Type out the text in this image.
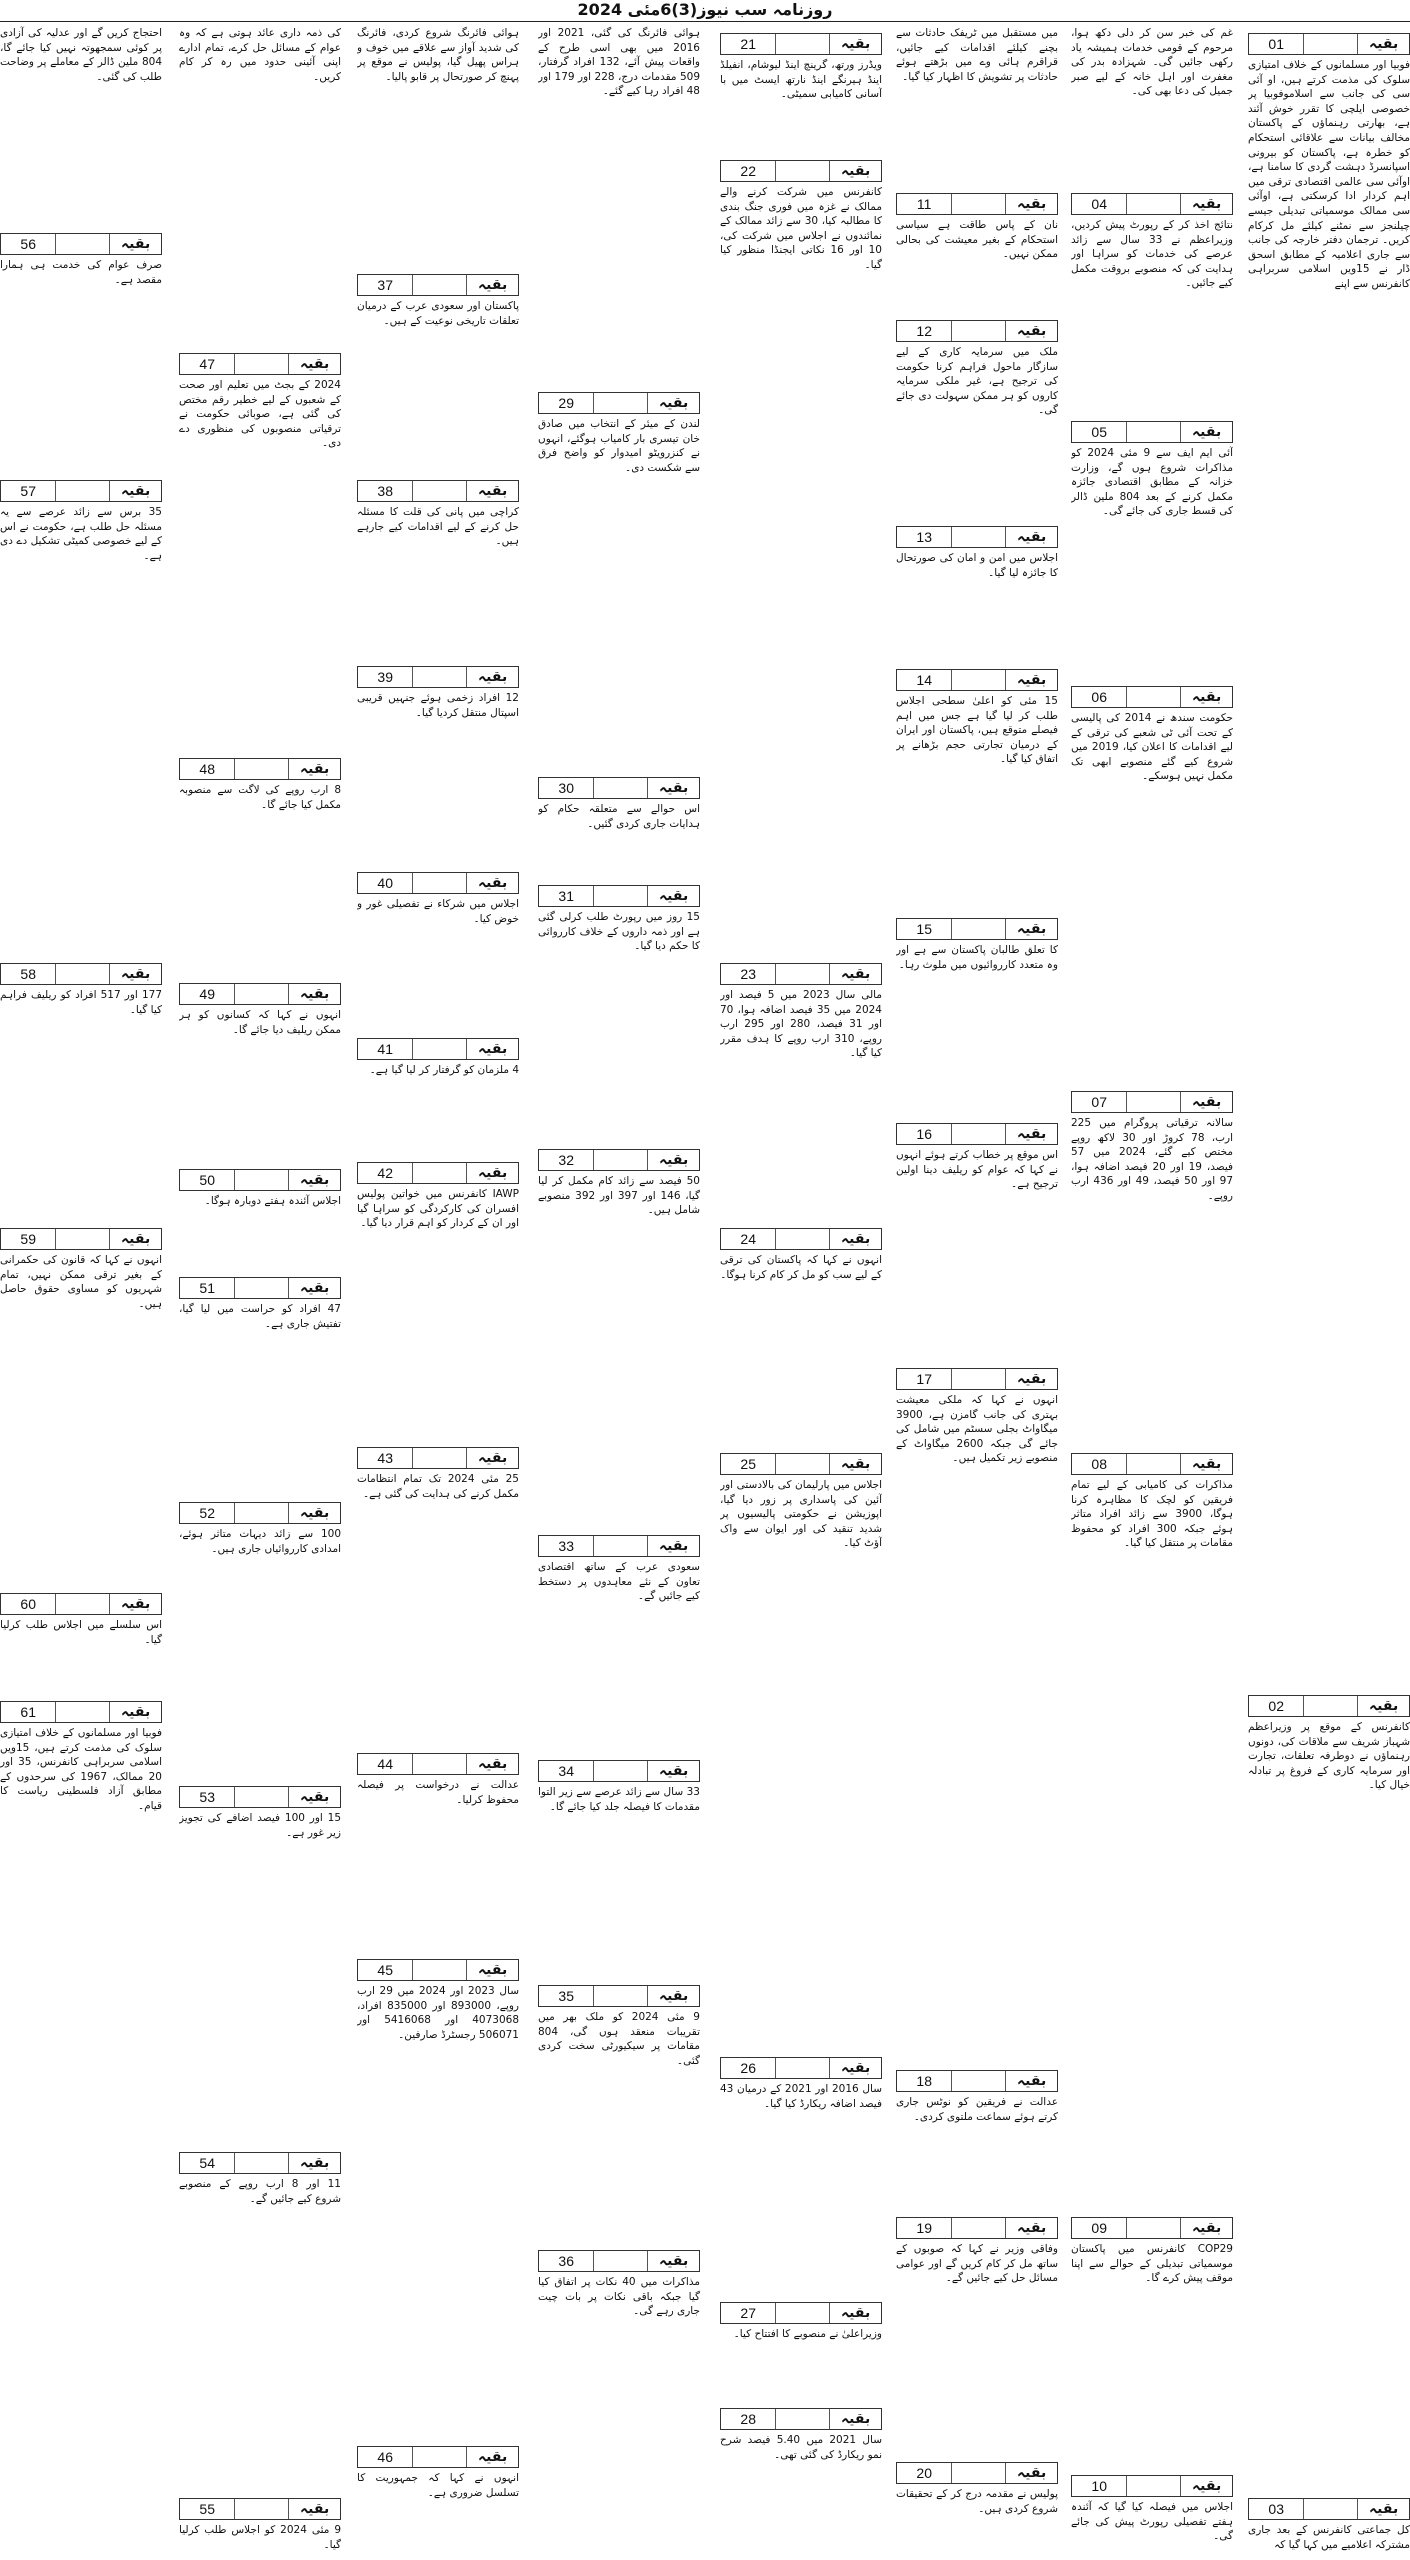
روزنامہ سب نیوز(3)6مئی 2024
01	بقیہ
فوبیا اور مسلمانوں کے خلاف امتیازی سلوک کی مذمت کرتے ہیں، او آئی سی کی جانب سے اسلاموفوبیا پر خصوصی ایلچی کا تقرر خوش آئند ہے، بھارتی رہنماؤں کے پاکستان مخالف بیانات سے علاقائی استحکام کو خطرہ ہے، پاکستان کو بیرونی اسپانسرڈ دہشت گردی کا سامنا ہے، اوآئی سی عالمی اقتصادی ترقی میں اہم کردار ادا کرسکتی ہے، اوآئی سی ممالک موسمیاتی تبدیلی جیسے چیلنجز سے نمٹنے کیلئے مل کرکام کریں۔ ترجمان دفتر خارجہ کی جانب سے جاری اعلامیہ کے مطابق اسحق ڈار نے 15ویں اسلامی سربراہی کانفرنس سے اپنے
02	بقیہ
کانفرنس کے موقع پر وزیراعظم شہباز شریف سے ملاقات کی، دونوں رہنماؤں نے دوطرفہ تعلقات، تجارت اور سرمایہ کاری کے فروغ پر تبادلہ خیال کیا۔
03	بقیہ
کل جماعتی کانفرنس کے بعد جاری مشترکہ اعلامیے میں کہا گیا کہ
غم کی خبر سن کر دلی دکھ ہوا، مرحوم کے قومی خدمات ہمیشہ یاد رکھی جائیں گی۔ شہزادہ بدر کی مغفرت اور اہل خانہ کے لیے صبر جمیل کی دعا بھی کی۔
04	بقیہ
نتائج اخذ کر کے رپورٹ پیش کردیں، وزیراعظم نے 33 سال سے زائد عرصے کی خدمات کو سراہا اور ہدایت کی کہ منصوبے بروقت مکمل کیے جائیں۔
05	بقیہ
آئی ایم ایف سے 9 مئی 2024 کو مذاکرات شروع ہوں گے، وزارت خزانہ کے مطابق اقتصادی جائزہ مکمل کرنے کے بعد 804 ملین ڈالر کی قسط جاری کی جائے گی۔
06	بقیہ
حکومت سندھ نے 2014 کی پالیسی کے تحت آئی ٹی شعبے کی ترقی کے لیے اقدامات کا اعلان کیا، 2019 میں شروع کیے گئے منصوبے ابھی تک مکمل نہیں ہوسکے۔
07	بقیہ
سالانہ ترقیاتی پروگرام میں 225 ارب، 78 کروڑ اور 30 لاکھ روپے مختص کیے گئے، 2024 میں 57 فیصد، 19 اور 20 فیصد اضافہ ہوا، 97 اور 50 فیصد، 49 اور 436 ارب روپے۔
08	بقیہ
مذاکرات کی کامیابی کے لیے تمام فریقین کو لچک کا مظاہرہ کرنا ہوگا، 3900 سے زائد افراد متاثر ہوئے جبکہ 300 افراد کو محفوظ مقامات پر منتقل کیا گیا۔
09	بقیہ
COP29 کانفرنس میں پاکستان موسمیاتی تبدیلی کے حوالے سے اپنا موقف پیش کرے گا۔
10	بقیہ
اجلاس میں فیصلہ کیا گیا کہ آئندہ ہفتے تفصیلی رپورٹ پیش کی جائے گی۔
میں مستقبل میں ٹریفک حادثات سے بچنے کیلئے اقدامات کیے جائیں، قراقرم ہائی وے میں بڑھتے ہوئے حادثات پر تشویش کا اظہار کیا گیا۔
11	بقیہ
نان کے پاس طاقت ہے سیاسی استحکام کے بغیر معیشت کی بحالی ممکن نہیں۔
12	بقیہ
ملک میں سرمایہ کاری کے لیے سازگار ماحول فراہم کرنا حکومت کی ترجیح ہے، غیر ملکی سرمایہ کاروں کو ہر ممکن سہولت دی جائے گی۔
13	بقیہ
اجلاس میں امن و امان کی صورتحال کا جائزہ لیا گیا۔
14	بقیہ
15 مئی کو اعلیٰ سطحی اجلاس طلب کر لیا گیا ہے جس میں اہم فیصلے متوقع ہیں، پاکستان اور ایران کے درمیان تجارتی حجم بڑھانے پر اتفاق کیا گیا۔
15	بقیہ
کا تعلق طالبان پاکستان سے ہے اور وہ متعدد کارروائیوں میں ملوث رہا۔
16	بقیہ
اس موقع پر خطاب کرتے ہوئے انہوں نے کہا کہ عوام کو ریلیف دینا اولین ترجیح ہے۔
17	بقیہ
انہوں نے کہا کہ ملکی معیشت بہتری کی جانب گامزن ہے، 3900 میگاواٹ بجلی سسٹم میں شامل کی جائے گی جبکہ 2600 میگاواٹ کے منصوبے زیر تکمیل ہیں۔
18	بقیہ
عدالت نے فریقین کو نوٹس جاری کرتے ہوئے سماعت ملتوی کردی۔
19	بقیہ
وفاقی وزیر نے کہا کہ صوبوں کے ساتھ مل کر کام کریں گے اور عوامی مسائل حل کیے جائیں گے۔
20	بقیہ
پولیس نے مقدمہ درج کر کے تحقیقات شروع کردی ہیں۔
21	بقیہ
ویڈرز ورتھ، گرینچ اینڈ لیوشام، انفیلڈ اینڈ ہیرنگے اینڈ نارتھ ایسٹ میں با آسانی کامیابی سمیٹی۔
22	بقیہ
کانفرنس میں شرکت کرنے والے ممالک نے غزہ میں فوری جنگ بندی کا مطالبہ کیا، 30 سے زائد ممالک کے نمائندوں نے اجلاس میں شرکت کی، 10 اور 16 نکاتی ایجنڈا منظور کیا گیا۔
23	بقیہ
مالی سال 2023 میں 5 فیصد اور 2024 میں 35 فیصد اضافہ ہوا، 70 اور 31 فیصد، 280 اور 295 ارب روپے، 310 ارب روپے کا ہدف مقرر کیا گیا۔
24	بقیہ
انہوں نے کہا کہ پاکستان کی ترقی کے لیے سب کو مل کر کام کرنا ہوگا۔
25	بقیہ
اجلاس میں پارلیمان کی بالادستی اور آئین کی پاسداری پر زور دیا گیا، اپوزیشن نے حکومتی پالیسیوں پر شدید تنقید کی اور ایوان سے واک آؤٹ کیا۔
26	بقیہ
سال 2016 اور 2021 کے درمیان 43 فیصد اضافہ ریکارڈ کیا گیا۔
27	بقیہ
وزیراعلیٰ نے منصوبے کا افتتاح کیا۔
28	بقیہ
سال 2021 میں 5.40 فیصد شرح نمو ریکارڈ کی گئی تھی۔
ہوائی فائرنگ کی گئی، 2021 اور 2016 میں بھی اسی طرح کے واقعات پیش آئے، 132 افراد گرفتار، 509 مقدمات درج، 228 اور 179 اور 48 افراد رہا کیے گئے۔
29	بقیہ
لندن کے میئر کے انتخاب میں صادق خان تیسری بار کامیاب ہوگئے، انہوں نے کنزرویٹو امیدوار کو واضح فرق سے شکست دی۔
30	بقیہ
اس حوالے سے متعلقہ حکام کو ہدایات جاری کردی گئیں۔
31	بقیہ
15 روز میں رپورٹ طلب کرلی گئی ہے اور ذمہ داروں کے خلاف کارروائی کا حکم دیا گیا۔
32	بقیہ
50 فیصد سے زائد کام مکمل کر لیا گیا، 146 اور 397 اور 392 منصوبے شامل ہیں۔
33	بقیہ
سعودی عرب کے ساتھ اقتصادی تعاون کے نئے معاہدوں پر دستخط کیے جائیں گے۔
34	بقیہ
33 سال سے زائد عرصے سے زیر التوا مقدمات کا فیصلہ جلد کیا جائے گا۔
35	بقیہ
9 مئی 2024 کو ملک بھر میں تقریبات منعقد ہوں گی، 804 مقامات پر سیکیورٹی سخت کردی گئی۔
36	بقیہ
مذاکرات میں 40 نکات پر اتفاق کیا گیا جبکہ باقی نکات پر بات چیت جاری رہے گی۔
ہوائی فائرنگ شروع کردی، فائرنگ کی شدید آواز سے علاقے میں خوف و ہراس پھیل گیا، پولیس نے موقع پر پہنچ کر صورتحال پر قابو پالیا۔
37	بقیہ
پاکستان اور سعودی عرب کے درمیان تعلقات تاریخی نوعیت کے ہیں۔
38	بقیہ
کراچی میں پانی کی قلت کا مسئلہ حل کرنے کے لیے اقدامات کیے جارہے ہیں۔
39	بقیہ
12 افراد زخمی ہوئے جنہیں قریبی اسپتال منتقل کردیا گیا۔
40	بقیہ
اجلاس میں شرکاء نے تفصیلی غور و خوض کیا۔
41	بقیہ
4 ملزمان کو گرفتار کر لیا گیا ہے۔
42	بقیہ
IAWP کانفرنس میں خواتین پولیس افسران کی کارکردگی کو سراہا گیا اور ان کے کردار کو اہم قرار دیا گیا۔
43	بقیہ
25 مئی 2024 تک تمام انتظامات مکمل کرنے کی ہدایت کی گئی ہے۔
44	بقیہ
عدالت نے درخواست پر فیصلہ محفوظ کرلیا۔
45	بقیہ
سال 2023 اور 2024 میں 29 ارب روپے، 893000 اور 835000 افراد، 4073068 اور 5416068 اور 506071 رجسٹرڈ صارفین۔
46	بقیہ
انہوں نے کہا کہ جمہوریت کا تسلسل ضروری ہے۔
کی ذمہ داری عائد ہوتی ہے کہ وہ عوام کے مسائل حل کرے، تمام ادارے اپنی آئینی حدود میں رہ کر کام کریں۔
47	بقیہ
2024 کے بجٹ میں تعلیم اور صحت کے شعبوں کے لیے خطیر رقم مختص کی گئی ہے، صوبائی حکومت نے ترقیاتی منصوبوں کی منظوری دے دی۔
48	بقیہ
8 ارب روپے کی لاگت سے منصوبہ مکمل کیا جائے گا۔
49	بقیہ
انہوں نے کہا کہ کسانوں کو ہر ممکن ریلیف دیا جائے گا۔
50	بقیہ
اجلاس آئندہ ہفتے دوبارہ ہوگا۔
51	بقیہ
47 افراد کو حراست میں لیا گیا، تفتیش جاری ہے۔
52	بقیہ
100 سے زائد دیہات متاثر ہوئے، امدادی کارروائیاں جاری ہیں۔
53	بقیہ
15 اور 100 فیصد اضافے کی تجویز زیر غور ہے۔
54	بقیہ
11 اور 8 ارب روپے کے منصوبے شروع کیے جائیں گے۔
55	بقیہ
9 مئی 2024 کو اجلاس طلب کرلیا گیا۔
احتجاج کریں گے اور عدلیہ کی آزادی پر کوئی سمجھوتہ نہیں کیا جائے گا، 804 ملین ڈالر کے معاملے پر وضاحت طلب کی گئی۔
56	بقیہ
صرف عوام کی خدمت ہی ہمارا مقصد ہے۔
57	بقیہ
35 برس سے زائد عرصے سے یہ مسئلہ حل طلب ہے، حکومت نے اس کے لیے خصوصی کمیٹی تشکیل دے دی ہے۔
58	بقیہ
177 اور 517 افراد کو ریلیف فراہم کیا گیا۔
59	بقیہ
انہوں نے کہا کہ قانون کی حکمرانی کے بغیر ترقی ممکن نہیں، تمام شہریوں کو مساوی حقوق حاصل ہیں۔
60	بقیہ
اس سلسلے میں اجلاس طلب کرلیا گیا۔
61	بقیہ
فوبیا اور مسلمانوں کے خلاف امتیازی سلوک کی مذمت کرتے ہیں، 15ویں اسلامی سربراہی کانفرنس، 35 اور 20 ممالک، 1967 کی سرحدوں کے مطابق آزاد فلسطینی ریاست کا قیام۔
